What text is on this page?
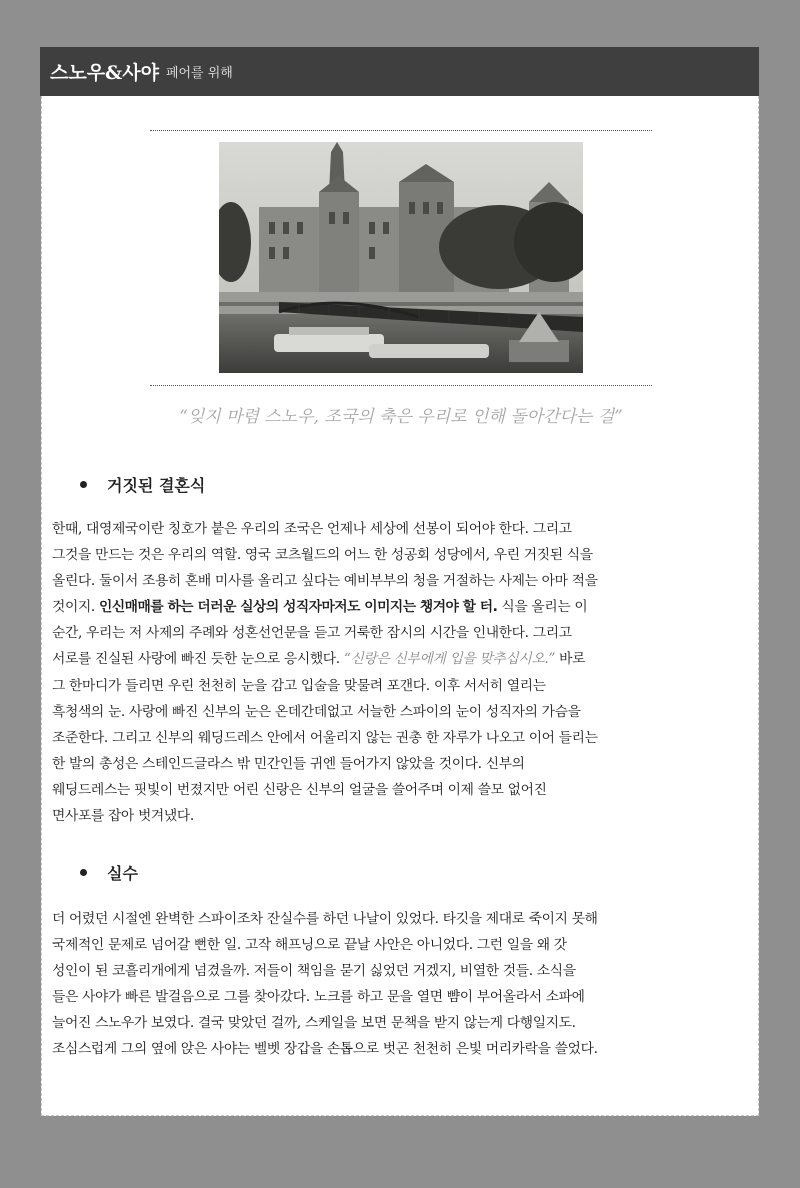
스노우&사야 페어를 위해
“잊지 마렴 스노우, 조국의 축은 우리로 인해 돌아간다는 걸”
거짓된 결혼식
한때, 대영제국이란 칭호가 붙은 우리의 조국은 언제나 세상에 선봉이 되어야 한다. 그리고
그것을 만드는 것은 우리의 역할. 영국 코츠월드의 어느 한 성공회 성당에서, 우린 거짓된 식을
올린다. 둘이서 조용히 혼배 미사를 올리고 싶다는 예비부부의 청을 거절하는 사제는 아마 적을
것이지. 인신매매를 하는 더러운 실상의 성직자마저도 이미지는 챙겨야 할 터. 식을 올리는 이
순간, 우리는 저 사제의 주례와 성혼선언문을 듣고 거룩한 잠시의 시간을 인내한다. 그리고
서로를 진실된 사랑에 빠진 듯한 눈으로 응시했다. “신랑은 신부에게 입을 맞추십시오.” 바로
그 한마디가 들리면 우린 천천히 눈을 감고 입술을 맞물려 포갠다. 이후 서서히 열리는
흑청색의 눈. 사랑에 빠진 신부의 눈은 온데간데없고 서늘한 스파이의 눈이 성직자의 가슴을
조준한다. 그리고 신부의 웨딩드레스 안에서 어울리지 않는 권총 한 자루가 나오고 이어 들리는
한 발의 총성은 스테인드글라스 밖 민간인들 귀엔 들어가지 않았을 것이다. 신부의
웨딩드레스는 핏빛이 번졌지만 어린 신랑은 신부의 얼굴을 쓸어주며 이제 쓸모 없어진
면사포를 잡아 벗겨냈다.
실수
더 어렸던 시절엔 완벽한 스파이조차 잔실수를 하던 나날이 있었다. 타깃을 제대로 죽이지 못해
국제적인 문제로 넘어갈 뻔한 일. 고작 해프닝으로 끝날 사안은 아니었다. 그런 일을 왜 갓
성인이 된 코흘리개에게 넘겼을까. 저들이 책임을 묻기 싫었던 거겠지, 비열한 것들. 소식을
들은 사야가 빠른 발걸음으로 그를 찾아갔다. 노크를 하고 문을 열면 뺨이 부어올라서 소파에
늘어진 스노우가 보였다. 결국 맞았던 걸까, 스케일을 보면 문책을 받지 않는게 다행일지도.
조심스럽게 그의 옆에 앉은 사야는 벨벳 장갑을 손톱으로 벗곤 천천히 은빛 머리카락을 쓸었다.
